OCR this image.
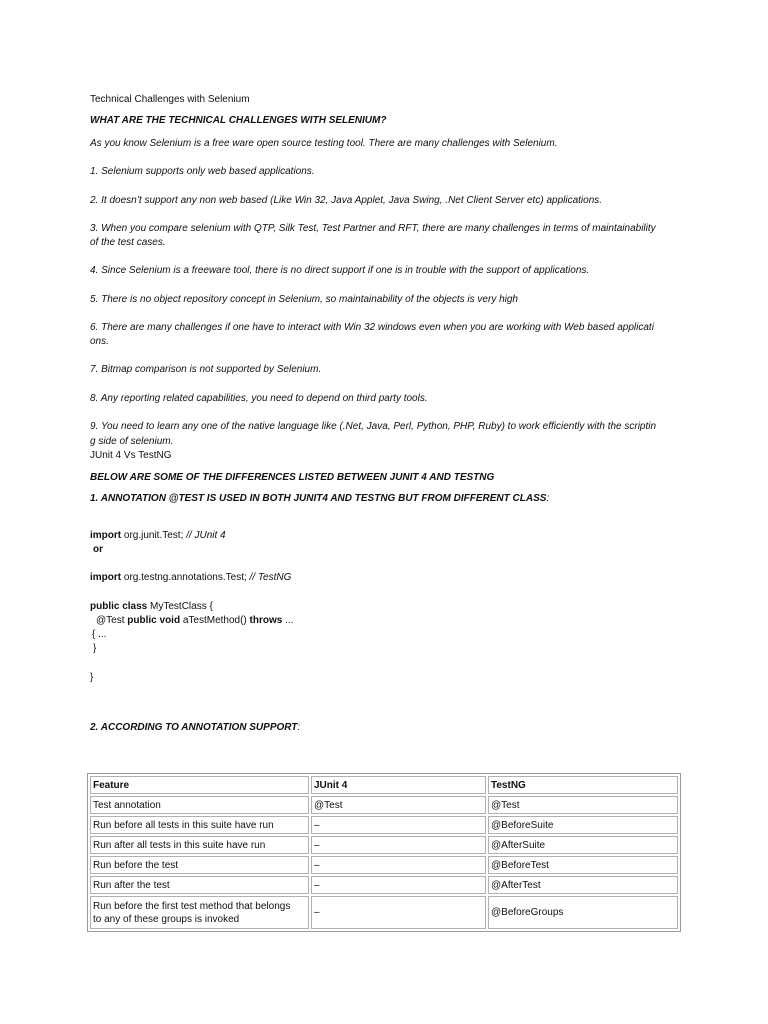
Technical Challenges with Selenium
WHAT ARE THE TECHNICAL CHALLENGES WITH SELENIUM?
As you know Selenium is a free ware open source testing tool. There are many challenges with Selenium.
1. Selenium supports only web based applications.
2. It doesn’t support any non web based (Like Win 32, Java Applet, Java Swing, .Net Client Server etc) applications.
3. When you compare selenium with QTP, Silk Test, Test Partner and RFT, there are many challenges in terms of maintainability
of the test cases.
4. Since Selenium is a freeware tool, there is no direct support if one is in trouble with the support of applications.
5. There is no object repository concept in Selenium, so maintainability of the objects is very high
6. There are many challenges if one have to interact with Win 32 windows even when you are working with Web based applicati
ons.
7. Bitmap comparison is not supported by Selenium.
8. Any reporting related capabilities, you need to depend on third party tools.
9. You need to learn any one of the native language like (.Net, Java, Perl, Python, PHP, Ruby) to work efficiently with the scriptin
g side of selenium.
JUnit 4 Vs TestNG
BELOW ARE SOME OF THE DIFFERENCES LISTED BETWEEN JUNIT 4 AND TESTNG
1. ANNOTATION @TEST IS USED IN BOTH JUNIT4 AND TESTNG BUT FROM DIFFERENT CLASS:
import org.junit.Test; // JUnit 4
or
import org.testng.annotations.Test; // TestNG
public class MyTestClass {
@Test public void aTestMethod() throws ...
{ ...
}
}
2. ACCORDING TO ANNOTATION SUPPORT:
Feature	JUnit 4	TestNG
Test annotation	@Test	@Test
Run before all tests in this suite have run	–	@BeforeSuite
Run after all tests in this suite have run	–	@AfterSuite
Run before the test	–	@BeforeTest
Run after the test	–	@AfterTest
Run before the first test method that belongs
to any of these groups is invoked	–	@BeforeGroups
